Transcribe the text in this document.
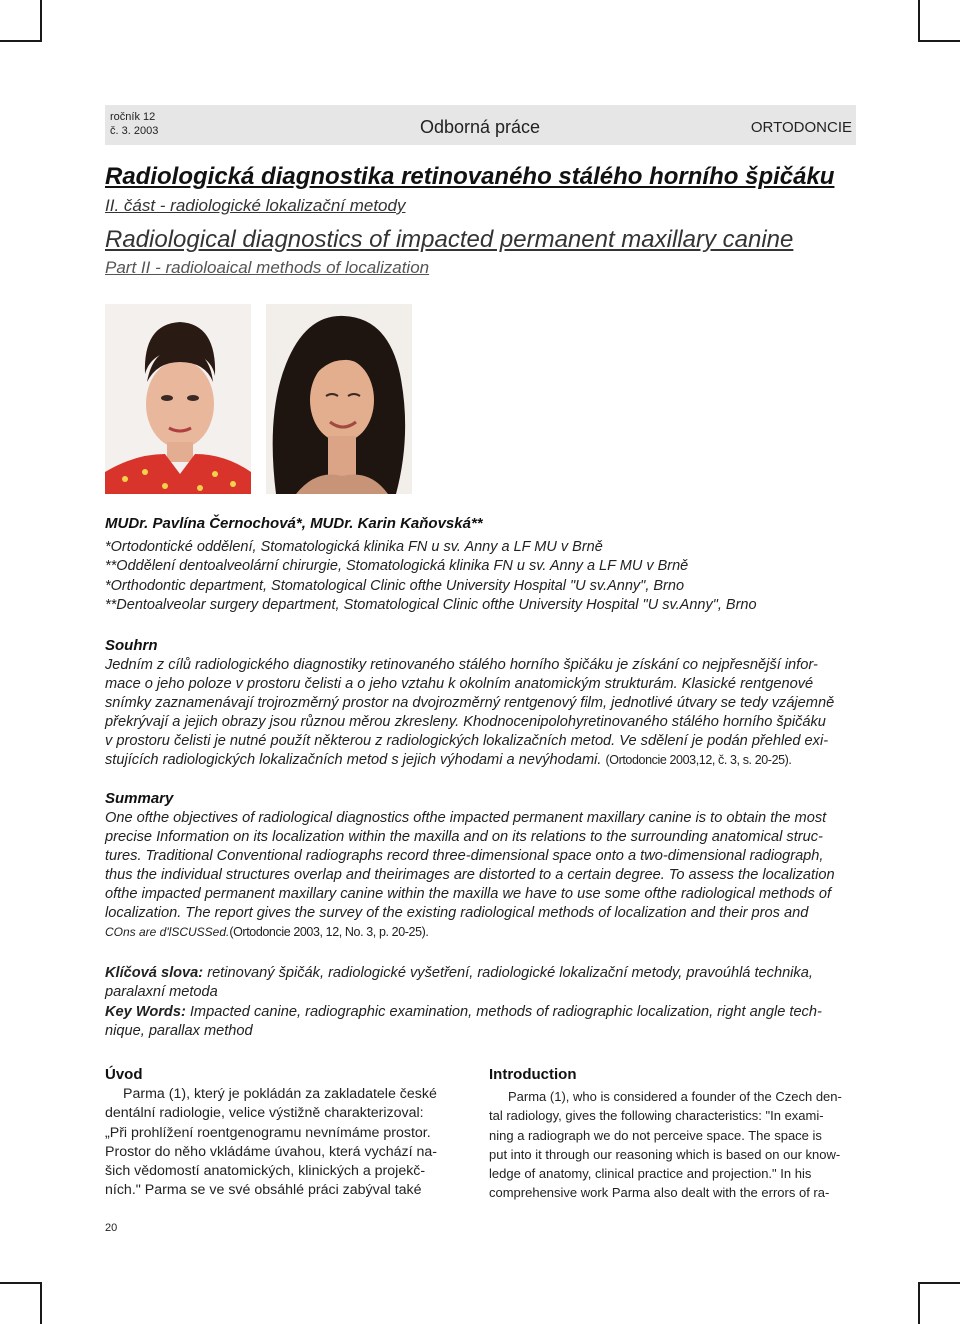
ročník 12
č. 3. 2003	Odborná práce	ORTODONCIE
Radiologická diagnostika retinovaného stálého horního špičáku
II. část - radiologické lokalizační metody
Radiological diagnostics of impacted permanent maxillary canine
Part II - radioloaical methods of localization
MUDr. Pavlína Černochová*, MUDr. Karin Kaňovská**
*Ortodontické oddělení, Stomatologická klinika FN u sv. Anny a LF MU v Brně
**Oddělení dentoalveolární chirurgie, Stomatologická klinika FN u sv. Anny a LF MU v Brně
*Orthodontic department, Stomatological Clinic ofthe University Hospital "U sv.Anny", Brno
**Dentoalveolar surgery department, Stomatological Clinic ofthe University Hospital "U sv.Anny", Brno
Souhrn
Jedním z cílů radiologického diagnostiky retinovaného stálého horního špičáku je získání co nejpřesnější infor-
mace o jeho poloze v prostoru čelisti a o jeho vztahu k okolním anatomickým strukturám. Klasické rentgenové
snímky zaznamenávají trojrozměrný prostor na dvojrozměrný rentgenový film, jednotlivé útvary se tedy vzájemně
překrývají a jejich obrazy jsou různou měrou zkresleny. Khodnocenipolohyretinovaného stálého horního špičáku
v prostoru čelisti je nutné použít některou z radiologických lokalizačních metod. Ve sdělení je podán přehled exi-
stujících radiologických lokalizačních metod s jejich výhodami a nevýhodami. (Ortodoncie 2003,12, č. 3, s. 20-25).
Summary
One ofthe objectives of radiological diagnostics ofthe impacted permanent maxillary canine is to obtain the most
precise Information on its localization within the maxilla and on its relations to the surrounding anatomical struc-
tures. Traditional Conventional radiographs record three-dimensional space onto a two-dimensional radiograph,
thus the individual structures overlap and theirimages are distorted to a certain degree. To assess the localization
ofthe impacted permanent maxillary canine within the maxilla we have to use some ofthe radiological methods of
localization. The report gives the survey of the existing radiological methods of localization and their pros and
COns are d'lSCUSSed.(Ortodoncie 2003, 12, No. 3, p. 20-25).
Klíčová slova: retinovaný špičák, radiologické vyšetření, radiologické lokalizační metody, pravoúhlá technika,
paralaxní metoda
Key Words: Impacted canine, radiographic examination, methods of radiographic localization, right angle tech-
nique, parallax method
Úvod
Parma (1), který je pokládán za zakladatele české
dentální radiologie, velice výstižně charakterizoval:
„Při prohlížení roentgenogramu nevnímáme prostor.
Prostor do něho vkládáme úvahou, která vychází na-
šich vědomostí anatomických, klinických a projekč-
ních." Parma se ve své obsáhlé práci zabýval také
Introduction
Parma (1), who is considered a founder of the Czech den-
tal radiology, gives the following characteristics: "In exami-
ning a radiograph we do not perceive space. The space is
put into it through our reasoning which is based on our know-
ledge of anatomy, clinical practice and projection." In his
comprehensive work Parma also dealt with the errors of ra-
20
